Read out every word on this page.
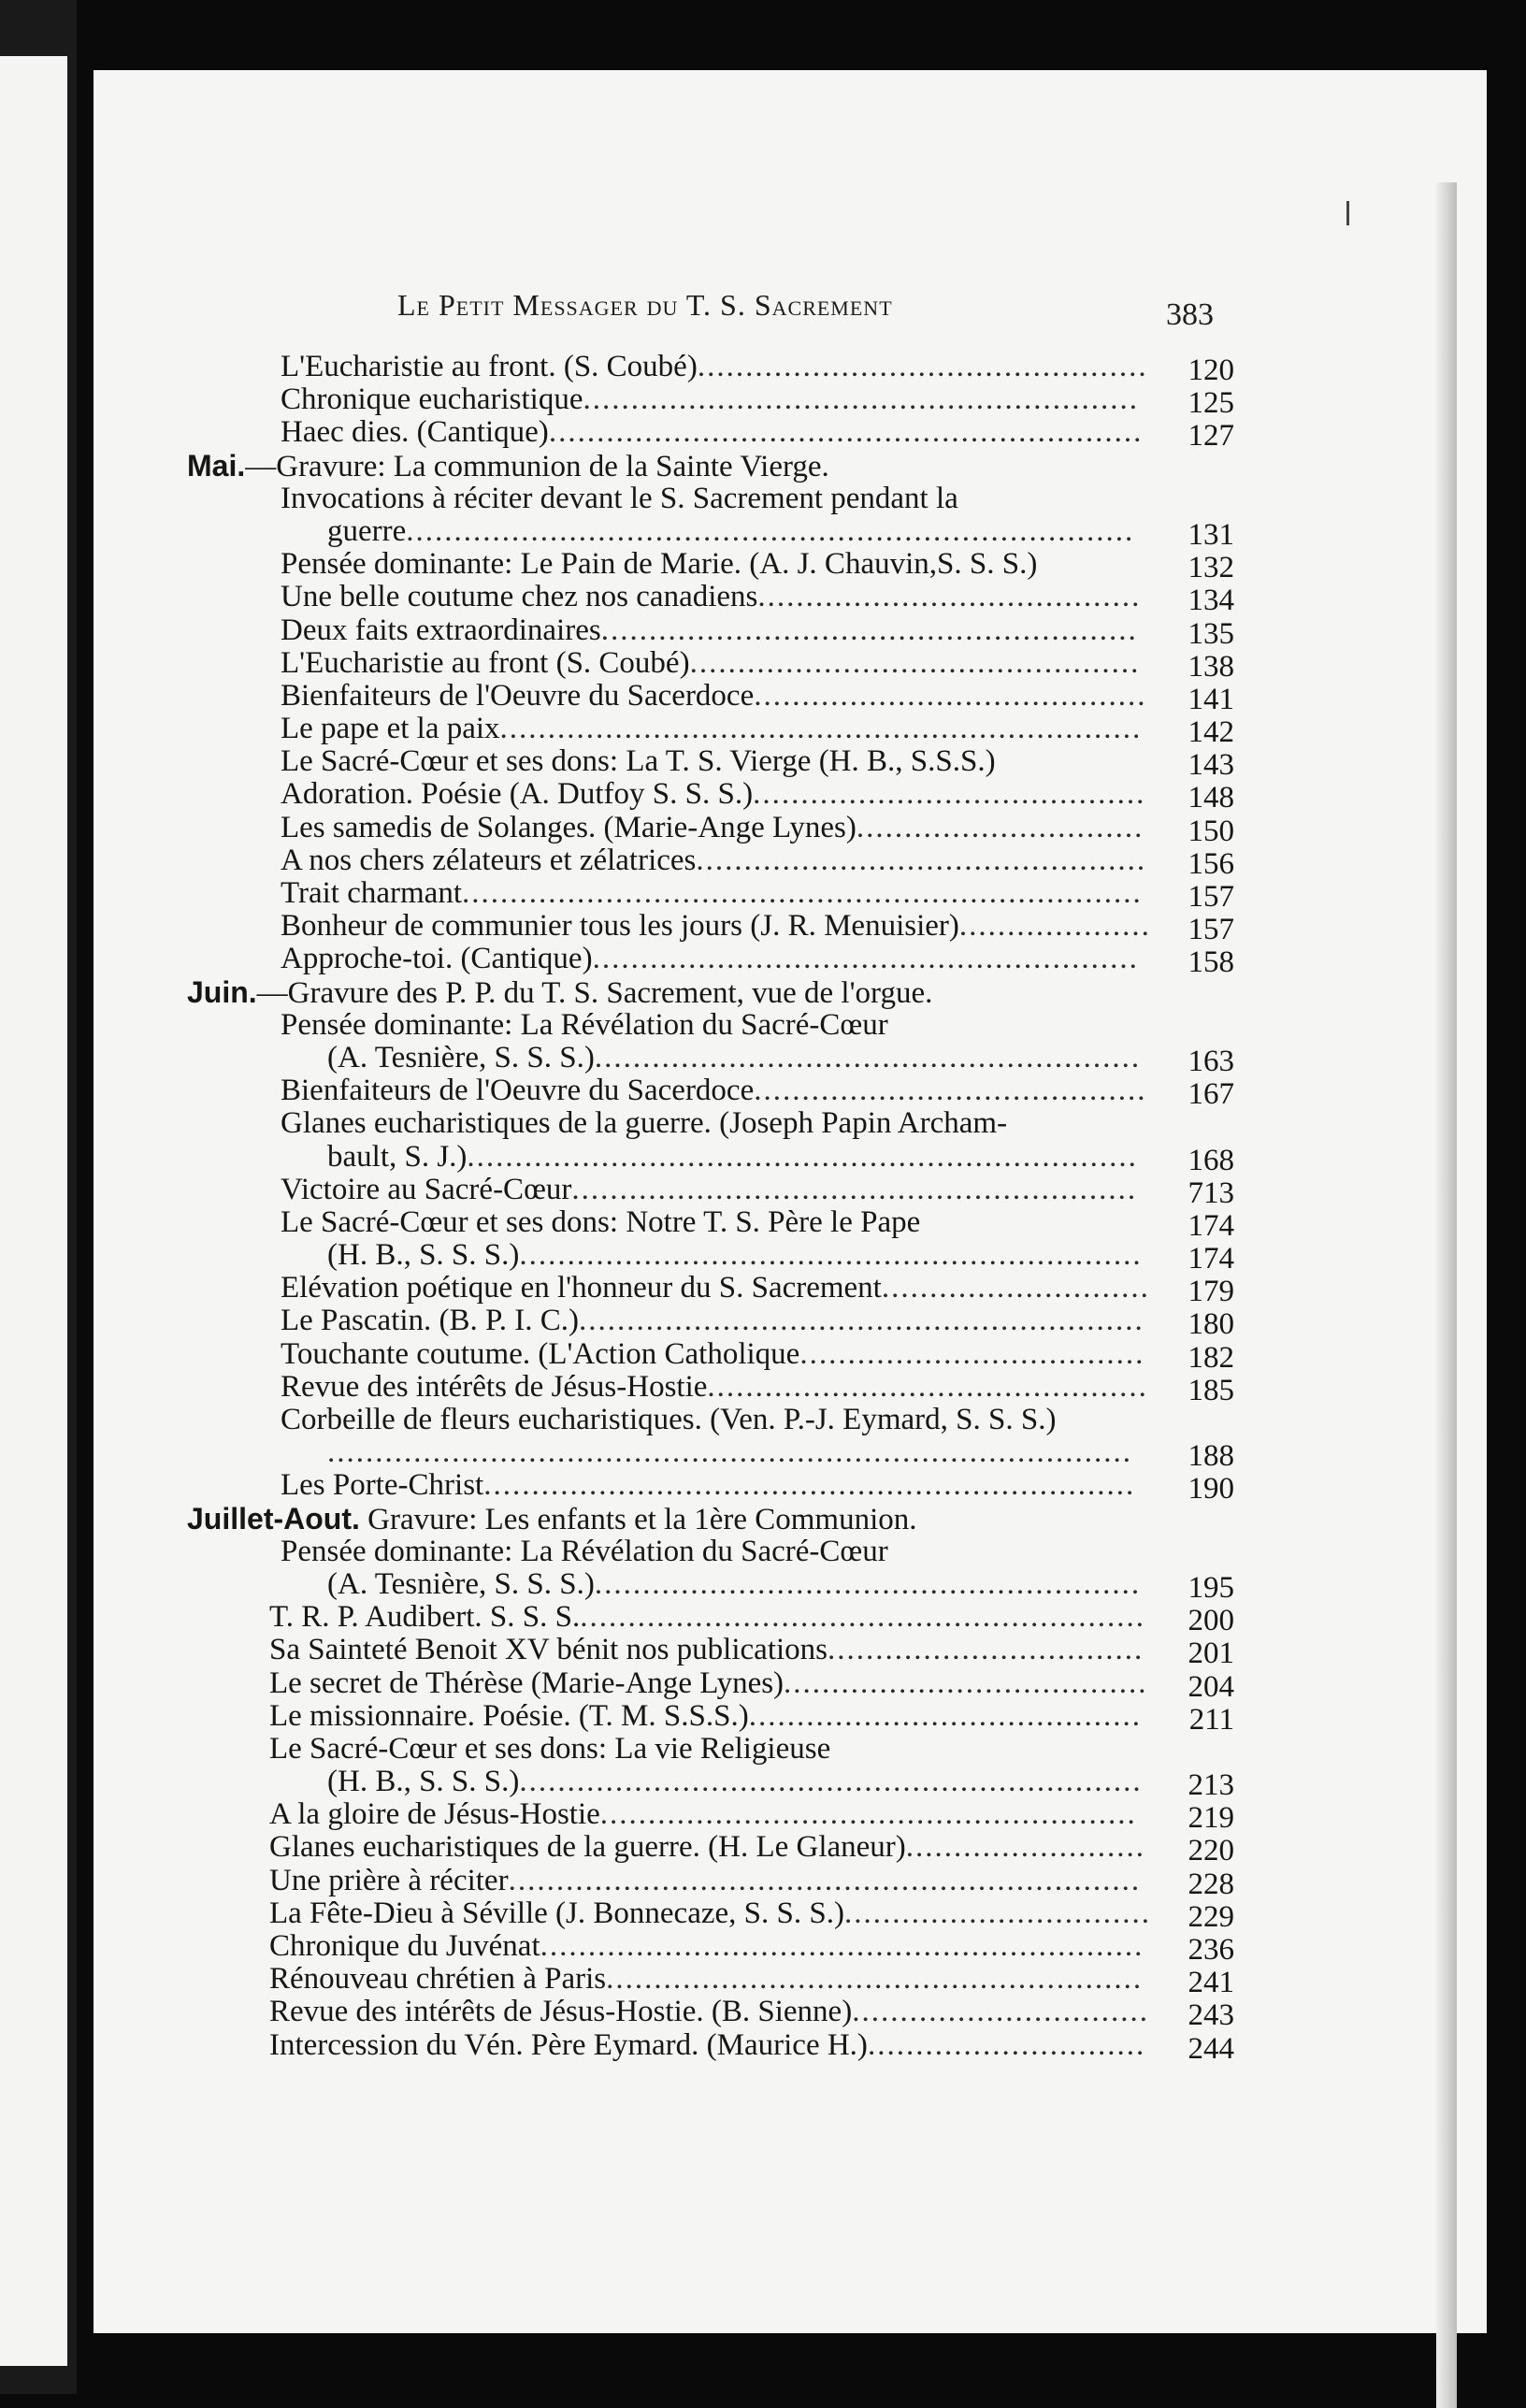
Le Petit Messager du T. S. Sacrement	383
L'Eucharistie au front. (S. Coubé)............................................... 120
Chronique eucharistique.......................................................... 125
Haec dies. (Cantique).............................................................. 127
Mai.—Gravure: La communion de la Sainte Vierge.
Invocations à réciter devant le S. Sacrement pendant la
guerre............................................................................ 131
Pensée dominante: Le Pain de Marie. (A. J. Chauvin,S. S. S.)	132
Une belle coutume chez nos canadiens........................................ 134
Deux faits extraordinaires........................................................ 135
L'Eucharistie au front (S. Coubé)............................................... 138
Bienfaiteurs de l'Oeuvre du Sacerdoce......................................... 141
Le pape et la paix................................................................... 142
Le Sacré-Cœur et ses dons: La T. S. Vierge (H. B., S.S.S.)	143
Adoration. Poésie (A. Dutfoy S. S. S.)......................................... 148
Les samedis de Solanges. (Marie-Ange Lynes).............................. 150
A nos chers zélateurs et zélatrices............................................... 156
Trait charmant....................................................................... 157
Bonheur de communier tous les jours (J. R. Menuisier).................... 157
Approche-toi. (Cantique)......................................................... 158
Juin.—Gravure des P. P. du T. S. Sacrement, vue de l'orgue.
Pensée dominante: La Révélation du Sacré-Cœur
(A. Tesnière, S. S. S.)......................................................... 163
Bienfaiteurs de l'Oeuvre du Sacerdoce......................................... 167
Glanes eucharistiques de la guerre. (Joseph Papin Archam-
bault, S. J.)...................................................................... 168
Victoire au Sacré-Cœur........................................................... 713
Le Sacré-Cœur et ses dons: Notre T. S. Père le Pape	174
(H. B., S. S. S.)................................................................. 174
Elévation poétique en l'honneur du S. Sacrement............................ 179
Le Pascatin. (B. P. I. C.)........................................................... 180
Touchante coutume. (L'Action Catholique.................................... 182
Revue des intérêts de Jésus-Hostie.............................................. 185
Corbeille de fleurs eucharistiques. (Ven. P.-J. Eymard, S. S. S.)
.................................................................................... 188
Les Porte-Christ.................................................................... 190
Juillet-Aout. Gravure: Les enfants et la 1ère Communion.
Pensée dominante: La Révélation du Sacré-Cœur
(A. Tesnière, S. S. S.)......................................................... 195
T. R. P. Audibert. S. S. S............................................................ 200
Sa Sainteté Benoit XV bénit nos publications................................. 201
Le secret de Thérèse (Marie-Ange Lynes)...................................... 204
Le missionnaire. Poésie. (T. M. S.S.S.)......................................... 211
Le Sacré-Cœur et ses dons: La vie Religieuse
(H. B., S. S. S.)................................................................. 213
A la gloire de Jésus-Hostie........................................................ 219
Glanes eucharistiques de la guerre. (H. Le Glaneur)......................... 220
Une prière à réciter.................................................................. 228
La Fête-Dieu à Séville (J. Bonnecaze, S. S. S.)................................ 229
Chronique du Juvénat............................................................... 236
Rénouveau chrétien à Paris........................................................ 241
Revue des intérêts de Jésus-Hostie. (B. Sienne)............................... 243
Intercession du Vén. Père Eymard. (Maurice H.)............................. 244
